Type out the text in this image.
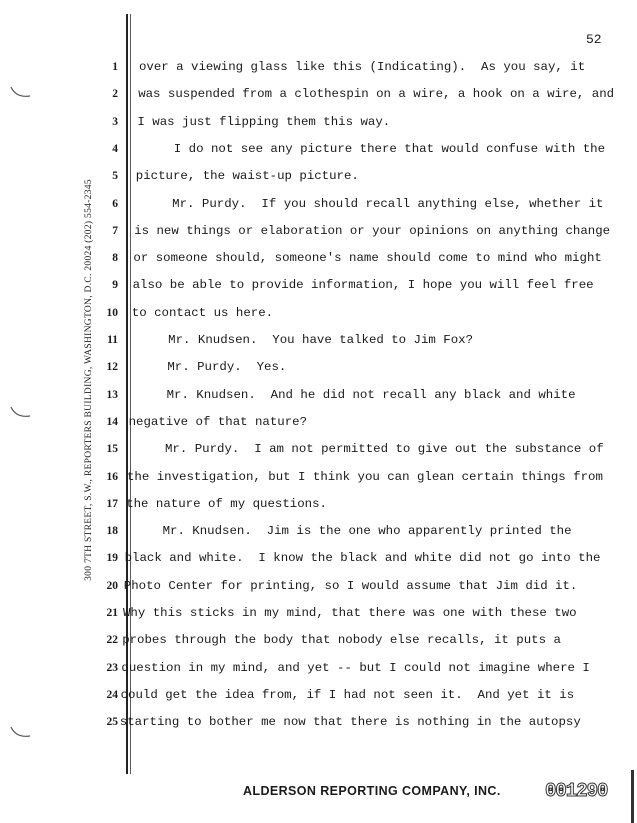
52
300 7TH STREET, S.W., REPORTERS BUILDING, WASHINGTON, D.C. 20024 (202) 554-2345
1 over a viewing glass like this (Indicating).  As you say, it
2 was suspended from a clothespin on a wire, a hook on a wire, and
3 I was just flipping them this way.
4 I do not see any picture there that would confuse with the
5 picture, the waist-up picture.
6 Mr. Purdy.  If you should recall anything else, whether it
7 is new things or elaboration or your opinions on anything change
8 or someone should, someone's name should come to mind who might
9 also be able to provide information, I hope you will feel free
10 to contact us here.
11 Mr. Knudsen.  You have talked to Jim Fox?
12 Mr. Purdy.  Yes.
13 Mr. Knudsen.  And he did not recall any black and white
14 negative of that nature?
15 Mr. Purdy.  I am not permitted to give out the substance of
16 the investigation, but I think you can glean certain things from
17 the nature of my questions.
18 Mr. Knudsen.  Jim is the one who apparently printed the
19 black and white.  I know the black and white did not go into the
20 Photo Center for printing, so I would assume that Jim did it.
21 Why this sticks in my mind, that there was one with these two
22 probes through the body that nobody else recalls, it puts a
23 question in my mind, and yet -- but I could not imagine where I
24 could get the idea from, if I had not seen it.  And yet it is
25 starting to bother me now that there is nothing in the autopsy
ALDERSON REPORTING COMPANY, INC. 001290
